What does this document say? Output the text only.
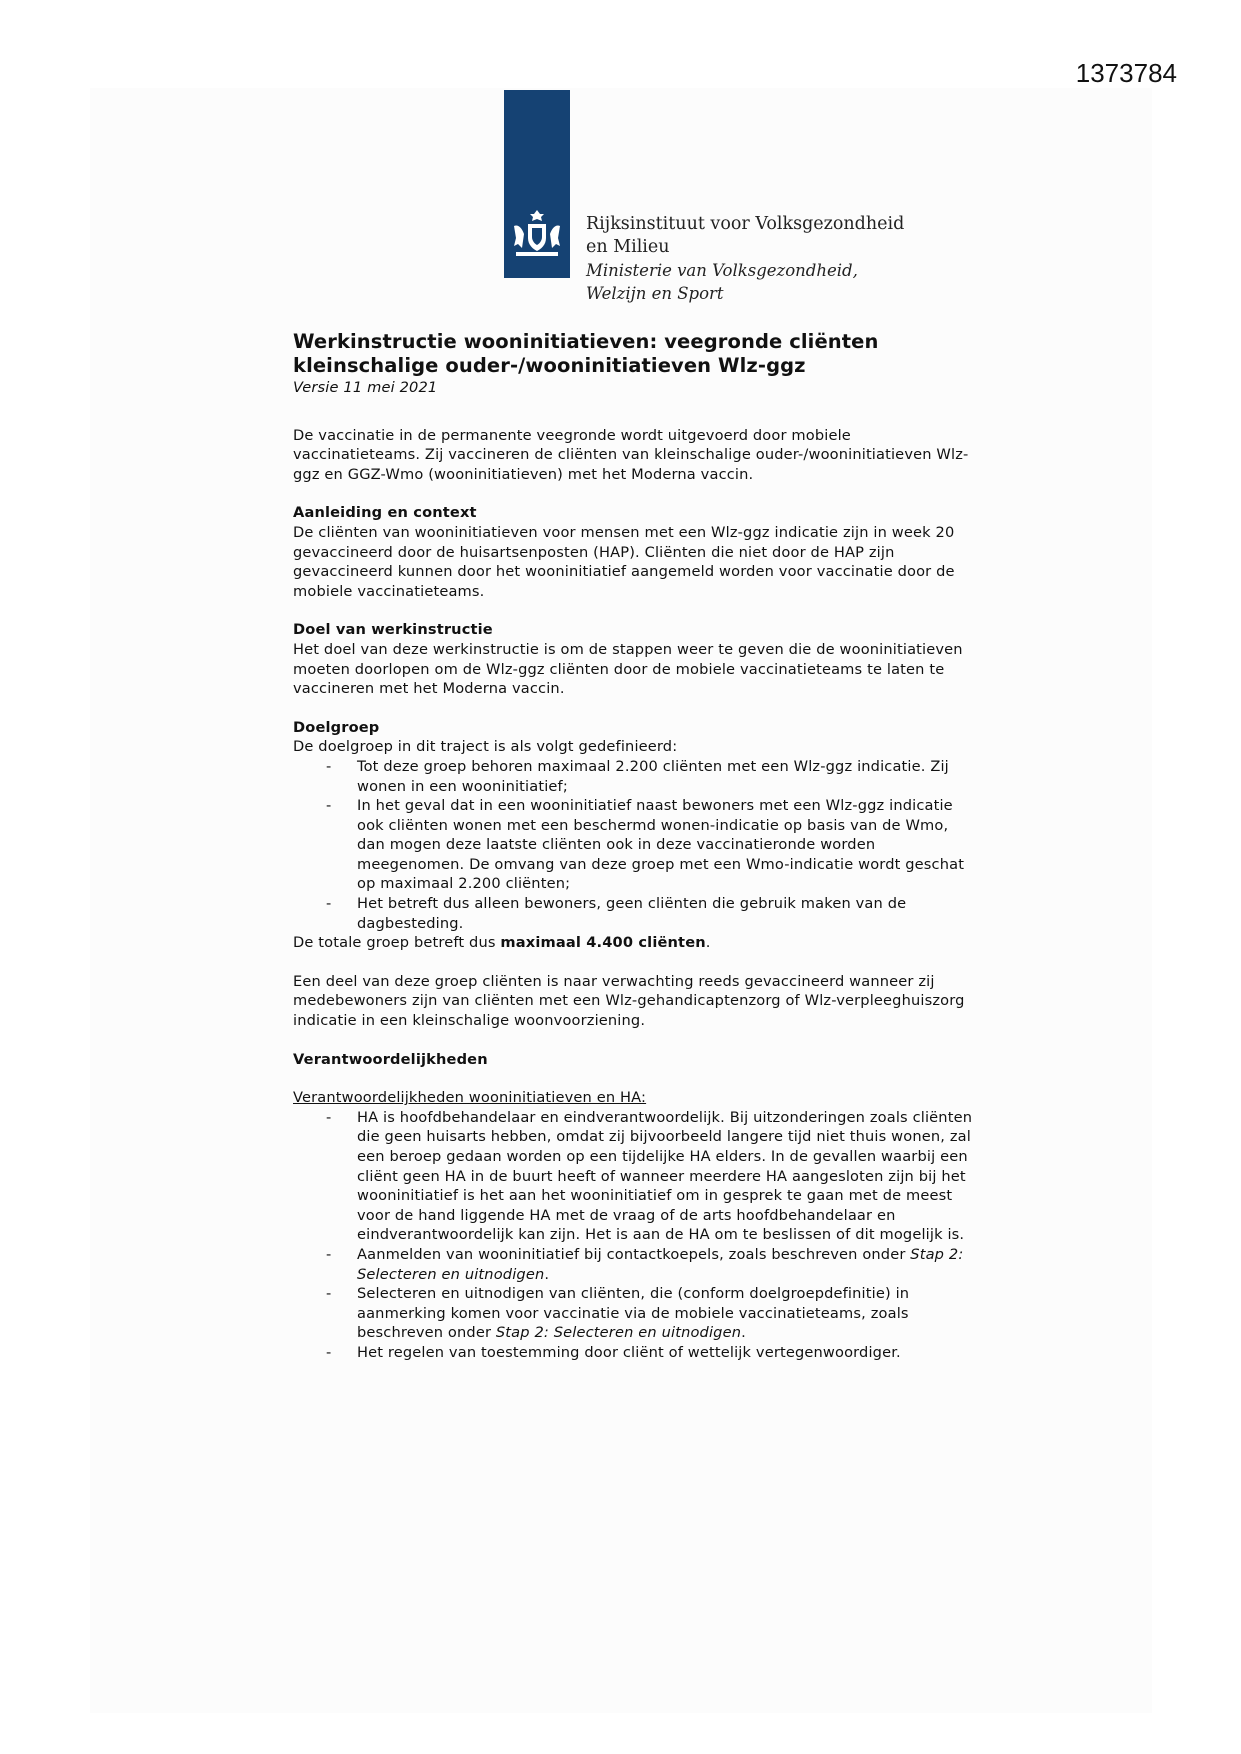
1373784
Rijksinstituut voor Volksgezondheid
en Milieu
Ministerie van Volksgezondheid,
Welzijn en Sport
Werkinstructie wooninitiatieven: veegronde cliënten
kleinschalige ouder-/wooninitiatieven Wlz-ggz
Versie 11 mei 2021

De vaccinatie in de permanente veegronde wordt uitgevoerd door mobiele vaccinatieteams. Zij vaccineren de cliënten van kleinschalige ouder-/wooninitiatieven Wlz-ggz en GGZ-Wmo (wooninitiatieven) met het Moderna vaccin.

Aanleiding en context

De cliënten van wooninitiatieven voor mensen met een Wlz-ggz indicatie zijn in week 20 gevaccineerd door de huisartsenposten (HAP). Cliënten die niet door de HAP zijn gevaccineerd kunnen door het wooninitiatief aangemeld worden voor vaccinatie door de mobiele vaccinatieteams.

Doel van werkinstructie

Het doel van deze werkinstructie is om de stappen weer te geven die de wooninitiatieven moeten doorlopen om de Wlz-ggz cliënten door de mobiele vaccinatieteams te laten te vaccineren met het Moderna vaccin.

Doelgroep
De doelgroep in dit traject is als volgt gedefinieerd:
- Tot deze groep behoren maximaal 2.200 cliënten met een Wlz-ggz indicatie. Zij wonen in een wooninitiatief;
- In het geval dat in een wooninitiatief naast bewoners met een Wlz-ggz indicatie ook cliënten wonen met een beschermd wonen-indicatie op basis van de Wmo, dan mogen deze laatste cliënten ook in deze vaccinatieronde worden meegenomen. De omvang van deze groep met een Wmo-indicatie wordt geschat op maximaal 2.200 cliënten;
- Het betreft dus alleen bewoners, geen cliënten die gebruik maken van de dagbesteding.

De totale groep betreft dus maximaal 4.400 cliënten.

Een deel van deze groep cliënten is naar verwachting reeds gevaccineerd wanneer zij medebewoners zijn van cliënten met een Wlz-gehandicaptenzorg of Wlz-verpleeghuiszorg indicatie in een kleinschalige woonvoorziening.

Verantwoordelijkheden
Verantwoordelijkheden wooninitiatieven en HA:
- HA is hoofdbehandelaar en eindverantwoordelijk. Bij uitzonderingen zoals cliënten die geen huisarts hebben, omdat zij bijvoorbeeld langere tijd niet thuis wonen, zal een beroep gedaan worden op een tijdelijke HA elders. In de gevallen waarbij een cliënt geen HA in de buurt heeft of wanneer meerdere HA aangesloten zijn bij het wooninitiatief is het aan het wooninitiatief om in gesprek te gaan met de meest voor de hand liggende HA met de vraag of de arts hoofdbehandelaar en eindverantwoordelijk kan zijn. Het is aan de HA om te beslissen of dit mogelijk is.
- Aanmelden van wooninitiatief bij contactkoepels, zoals beschreven onder Stap 2: Selecteren en uitnodigen.
- Selecteren en uitnodigen van cliënten, die (conform doelgroepdefinitie) in aanmerking komen voor vaccinatie via de mobiele vaccinatieteams, zoals beschreven onder Stap 2: Selecteren en uitnodigen.
- Het regelen van toestemming door cliënt of wettelijk vertegenwoordiger.
